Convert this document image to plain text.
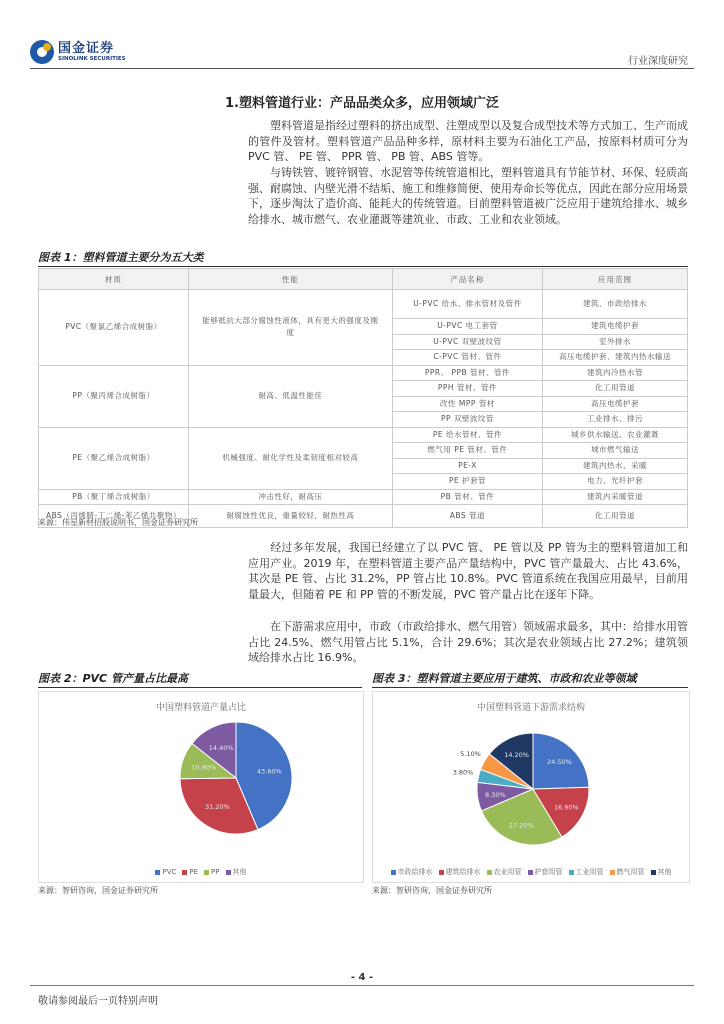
国金证券
SINOLINK SECURITIES	行业深度研究
1.塑料管道行业：产品品类众多，应用领域广泛
塑料管道是指经过塑料的挤出成型、注塑成型以及复合成型技术等方式加工、生产而成的管件及管材。塑料管道产品品种多样，原材料主要为石油化工产品，按原料材质可分为 PVC 管、 PE 管、 PPR 管、 PB 管、ABS 管等。
与铸铁管、镀锌钢管、水泥管等传统管道相比，塑料管道具有节能节材、环保、轻质高强、耐腐蚀、内壁光滑不结垢、施工和维修简便、使用寿命长等优点，因此在部分应用场景下，逐步淘汰了造价高、能耗大的传统管道。目前塑料管道被广泛应用于建筑给排水、城乡给排水、城市燃气、农业灌溉等建筑业、市政、工业和农业领域。
图表 1：塑料管道主要分为五大类
材质	性能	产品名称	应用范围
PVC（聚氯乙烯合成树脂）	能够抵抗大部分腐蚀性液体，具有更大的强度及刚度	U-PVC 给水、排水管材及管件	建筑、市政给排水
		U-PVC 电工套管	建筑电缆护套
		U-PVC 双壁波纹管	室外排水
		C-PVC 管材、管件	高压电缆护套、建筑内热水输送
PP（聚丙烯合成树脂）	耐高、低温性能佳	PPR、 PPB 管材、管件	建筑内冷热水管
		PPH 管材、管件	化工用管道
		改性 MPP 管材	高压电缆护套
		PP 双壁波纹管	工业排水、排污
PE（聚乙烯合成树脂）	机械强度、耐化学性及柔韧度相对较高	PE 给水管材、管件	城乡供水输送、农业灌溉
		燃气用 PE 管材、管件	城市燃气输送
		PE-X	建筑内热水、采暖
		PE 护套管	电力、光纤护套
PB（聚丁烯合成树脂）	冲击性好，耐高压	PB 管材、管件	建筑内采暖管道
ABS（丙烯腈-丁二烯-苯乙烯共聚物）	耐腐蚀性优良，重量较轻，耐热性高	ABS 管道	化工用管道
来源：伟星新材招股说明书，国金证券研究所
经过多年发展，我国已经建立了以 PVC 管、 PE 管以及 PP 管为主的塑料管道加工和应用产业。2019 年，在塑料管道主要产品产量结构中，PVC 管产量最大、占比 43.6%，其次是 PE 管、占比 31.2%，PP 管占比 10.8%。PVC 管道系统在我国应用最早，目前用量最大，但随着 PE 和 PP 管的不断发展，PVC 管产量占比在逐年下降。
在下游需求应用中，市政（市政给排水、燃气用管）领域需求最多，其中：给排水用管占比 24.5%、燃气用管占比 5.1%，合计 29.6%；其次是农业领域占比 27.2%；建筑领域给排水占比 16.9%。
图表 2：PVC 管产量占比最高
中国塑料管道产量占比
43.60%
31.20%
10.80%
14.40%
PVC PE PP 其他
来源：智研咨询，国金证券研究所
图表 3：塑料管道主要应用于建筑、市政和农业等领域
中国塑料管道下游需求结构
24.50%
16.90%
27.20%
8.30%
3.80%
5.10%	14.20%
市政给排水 建筑给排水 农业用管 护套用管 工业用管 燃气用管 其他
来源：智研咨询，国金证券研究所
- 4 -
敬请参阅最后一页特别声明
